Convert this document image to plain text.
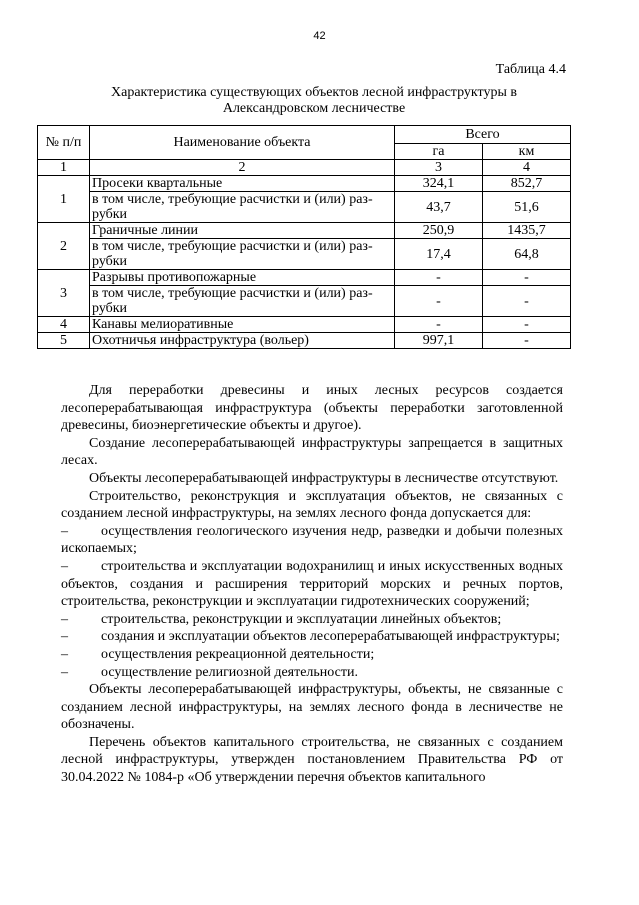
42
Таблица 4.4
Характеристика существующих объектов лесной инфраструктуры в
Александровском лесничестве
№ п/п	Наименование объекта	Всего	
		га	км
1	2	3	4
1	Просеки квартальные	324,1	852,7

	в том числе, требующие расчистки и (или) раз-
рубки	43,7	51,6
2	Граничные линии	250,9	1435,7

	в том числе, требующие расчистки и (или) раз-
рубки	17,4	64,8
3	Разрывы противопожарные	-	-

	в том числе, требующие расчистки и (или) раз-
рубки	-	-
4	Канавы мелиоративные	-	-
5	Охотничья инфраструктура (вольер)	997,1	-

Для переработки древесины и иных лесных ресурсов создается лесоперерабатывающая инфраструктура (объекты переработки заготовленной древесины, биоэнергетические объекты и другое).

Создание лесоперерабатывающей инфраструктуры запрещается в защитных лесах.

Объекты лесоперерабатывающей инфраструктуры в лесничестве отсутствуют.

Строительство, реконструкция и эксплуатация объектов, не связанных с созданием лесной инфраструктуры, на землях лесного фонда допускается для:

– осуществления геологического изучения недр, разведки и добычи полезных ископаемых;

– строительства и эксплуатации водохранилищ и иных искусственных водных объектов, создания и расширения территорий морских и речных портов, строительства, реконструкции и эксплуатации гидротехнических сооружений;

– строительства, реконструкции и эксплуатации линейных объектов;

– создания и эксплуатации объектов лесоперерабатывающей инфраструктуры;

– осуществления рекреационной деятельности;

– осуществление религиозной деятельности.

Объекты лесоперерабатывающей инфраструктуры, объекты, не связанные с созданием лесной инфраструктуры, на землях лесного фонда в лесничестве не обозначены.

Перечень объектов капитального строительства, не связанных с созданием лесной инфраструктуры, утвержден постановлением Правительства РФ от 30.04.2022 № 1084-р «Об утверждении перечня объектов капитального
